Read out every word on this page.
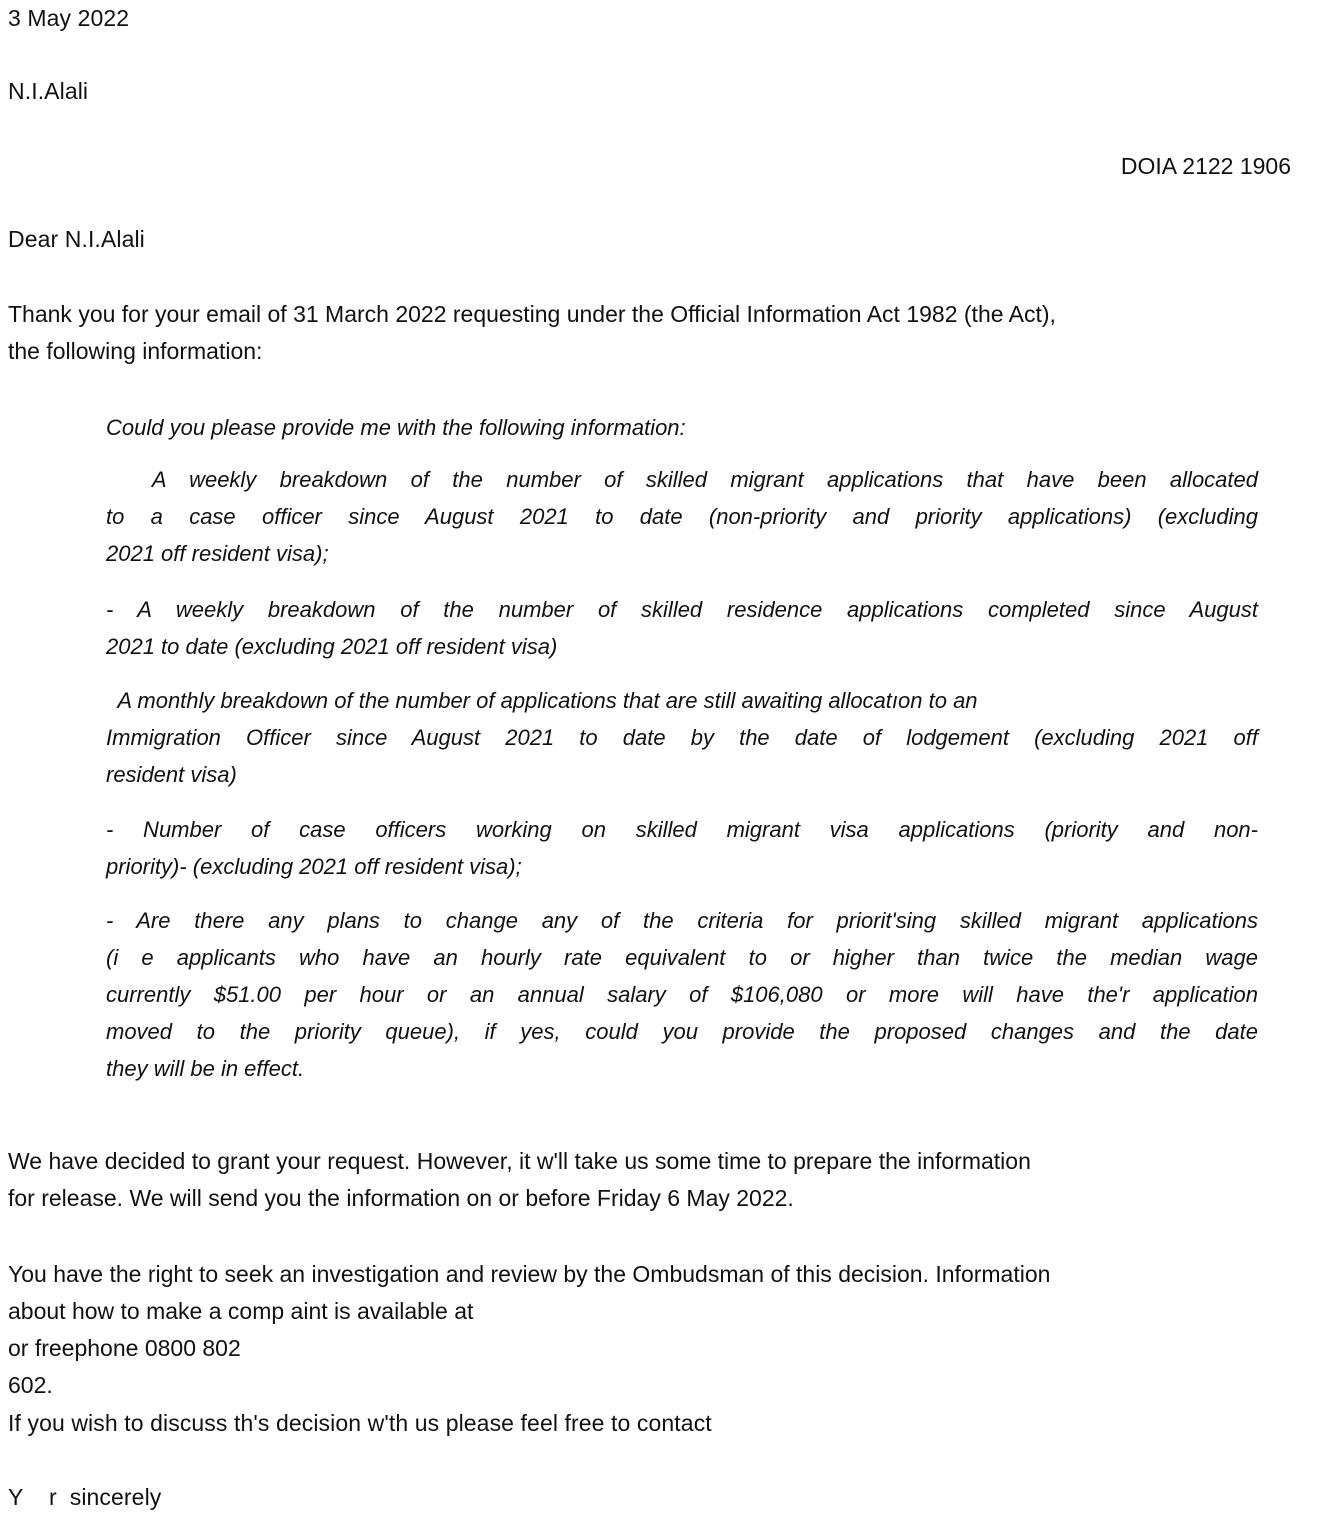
3 May 2022
N.I.Alali
DOIA 2122 1906
Dear N.I.Alali
Thank you for your email of 31 March 2022 requesting under the Official Information Act 1982 (the Act),
the following information:
Could you please provide me with the following information:
A weekly breakdown of the number of skilled migrant applications that have been allocated
to a case officer since August 2021 to date (non-priority and priority applications) (excluding
2021 off resident visa);
- A weekly breakdown of the number of skilled residence applications completed since August
2021 to date (excluding 2021 off resident visa)
A monthly breakdown of the number of applications that are still awaiting allocatıon to an
Immigration Officer since August 2021 to date by the date of lodgement (excluding 2021 off
resident visa)
- Number of case officers working on skilled migrant visa applications (priority and non-
priority)- (excluding 2021 off resident visa);
- Are there any plans to change any of the criteria for priorit'sing skilled migrant applications
(i e applicants who have an hourly rate equivalent to or higher than twice the median wage
currently $51.00 per hour or an annual salary of $106,080 or more will have the'r application
moved to the priority queue), if yes, could you provide the proposed changes and the date
they will be in effect.
We have decided to grant your request. However, it w'll take us some time to prepare the information
for release. We will send you the information on or before Friday 6 May 2022.
You have the right to seek an investigation and review by the Ombudsman of this decision. Information
about how to make a comp aint is available at
or freephone 0800 802
602.
If you wish to discuss th's decision w'th us please feel free to contact
Y    r  sincerely
